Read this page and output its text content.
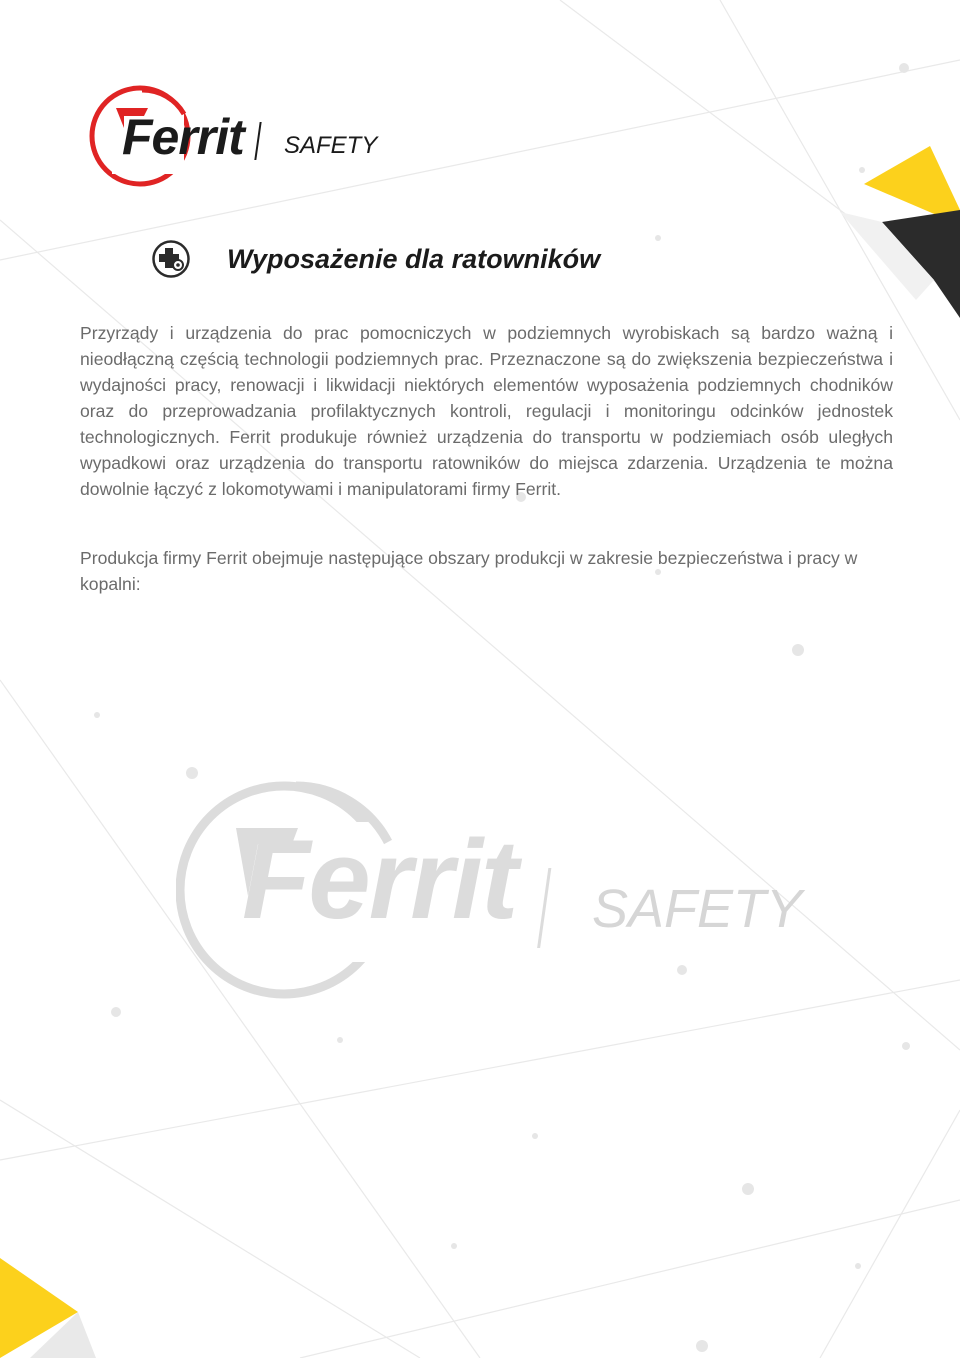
Ferrit SAFETY
Wyposażenie dla ratowników

Przyrządy i urządzenia do prac pomocniczych w podziemnych wyrobiskach są bardzo ważną i nieodłączną częścią technologii podziemnych prac. Przeznaczone są do zwiększenia bezpieczeństwa i wydajności pracy, renowacji i likwidacji niektórych elementów wyposażenia podziemnych chodników oraz do przeprowadzania profilaktycznych kontroli, regulacji i monitoringu odcinków jednostek technologicznych. Ferrit produkuje również urządzenia do transportu w podziemiach osób uległych wypadkowi oraz urządzenia do transportu ratowników do miejsca zdarzenia. Urządzenia te można dowolnie łączyć z lokomotywami i manipulatorami firmy Ferrit.

Produkcja firmy Ferrit obejmuje następujące obszary produkcji w zakresie bezpieczeństwa i pracy w kopalni:

Ferrit SAFETY
